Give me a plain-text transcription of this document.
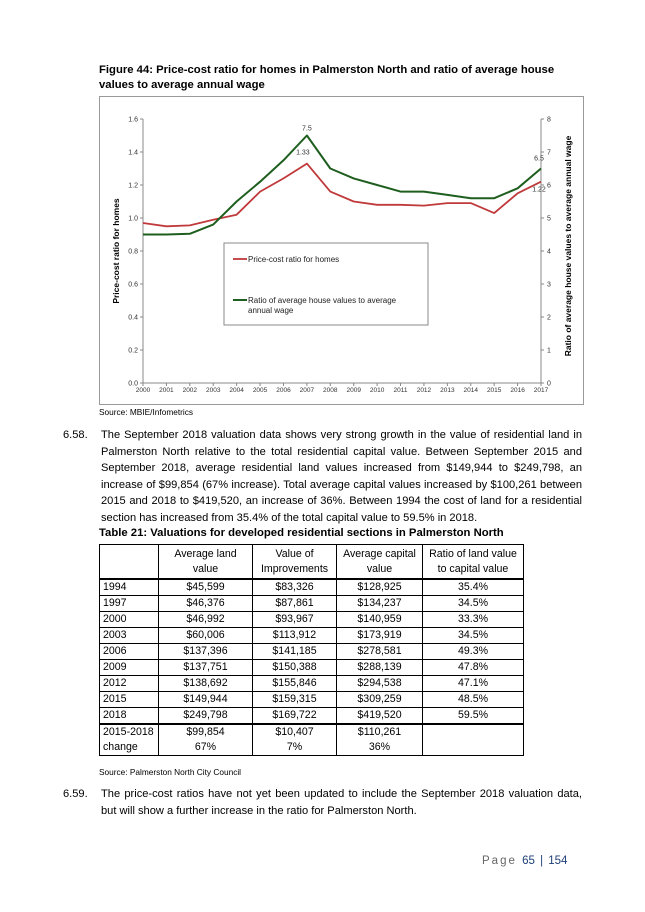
Figure 44: Price-cost ratio for homes in Palmerston North and ratio of average house values to average annual wage
0.0
0.2
0.4
0.6
0.8
1.0
1.2
1.4
1.6
0
1
2
3
4
5
6
7
8
2000 2001 2002 2003 2004 2005 2006 2007 2008 2009 2010 2011 2012 2013 2014 2015 2016 2017
Price-cost ratio for homes	Ratio of average house values to average annual wage
7.5
1.33
6.5
1.22
Price-cost ratio for homes
Ratio of average house values to average annual wage
Source: MBIE/Infometrics
6.58. The September 2018 valuation data shows very strong growth in the value of residential land in Palmerston North relative to the total residential capital value. Between September 2015 and September 2018, average residential land values increased from $149,944 to $249,798, an increase of $99,854 (67% increase). Total average capital values increased by $100,261 between 2015 and 2018 to $419,520, an increase of 36%. Between 1994 the cost of land for a residential section has increased from 35.4% of the total capital value to 59.5% in 2018.
Table 21: Valuations for developed residential sections in Palmerston North
	Average land value	Value of Improvements	Average capital value	Ratio of land value to capital value
1994	$45,599	$83,326	$128,925	35.4%
1997	$46,376	$87,861	$134,237	34.5%
2000	$46,992	$93,967	$140,959	33.3%
2003	$60,006	$113,912	$173,919	34.5%
2006	$137,396	$141,185	$278,581	49.3%
2009	$137,751	$150,388	$288,139	47.8%
2012	$138,692	$155,846	$294,538	47.1%
2015	$149,944	$159,315	$309,259	48.5%
2018	$249,798	$169,722	$419,520	59.5%
2015-2018	$99,854	$10,407	$110,261	
change	67%	7%	36%	
Source: Palmerston North City Council
6.59. The price-cost ratios have not yet been updated to include the September 2018 valuation data, but will show a further increase in the ratio for Palmerston North.
Page 65 | 154
